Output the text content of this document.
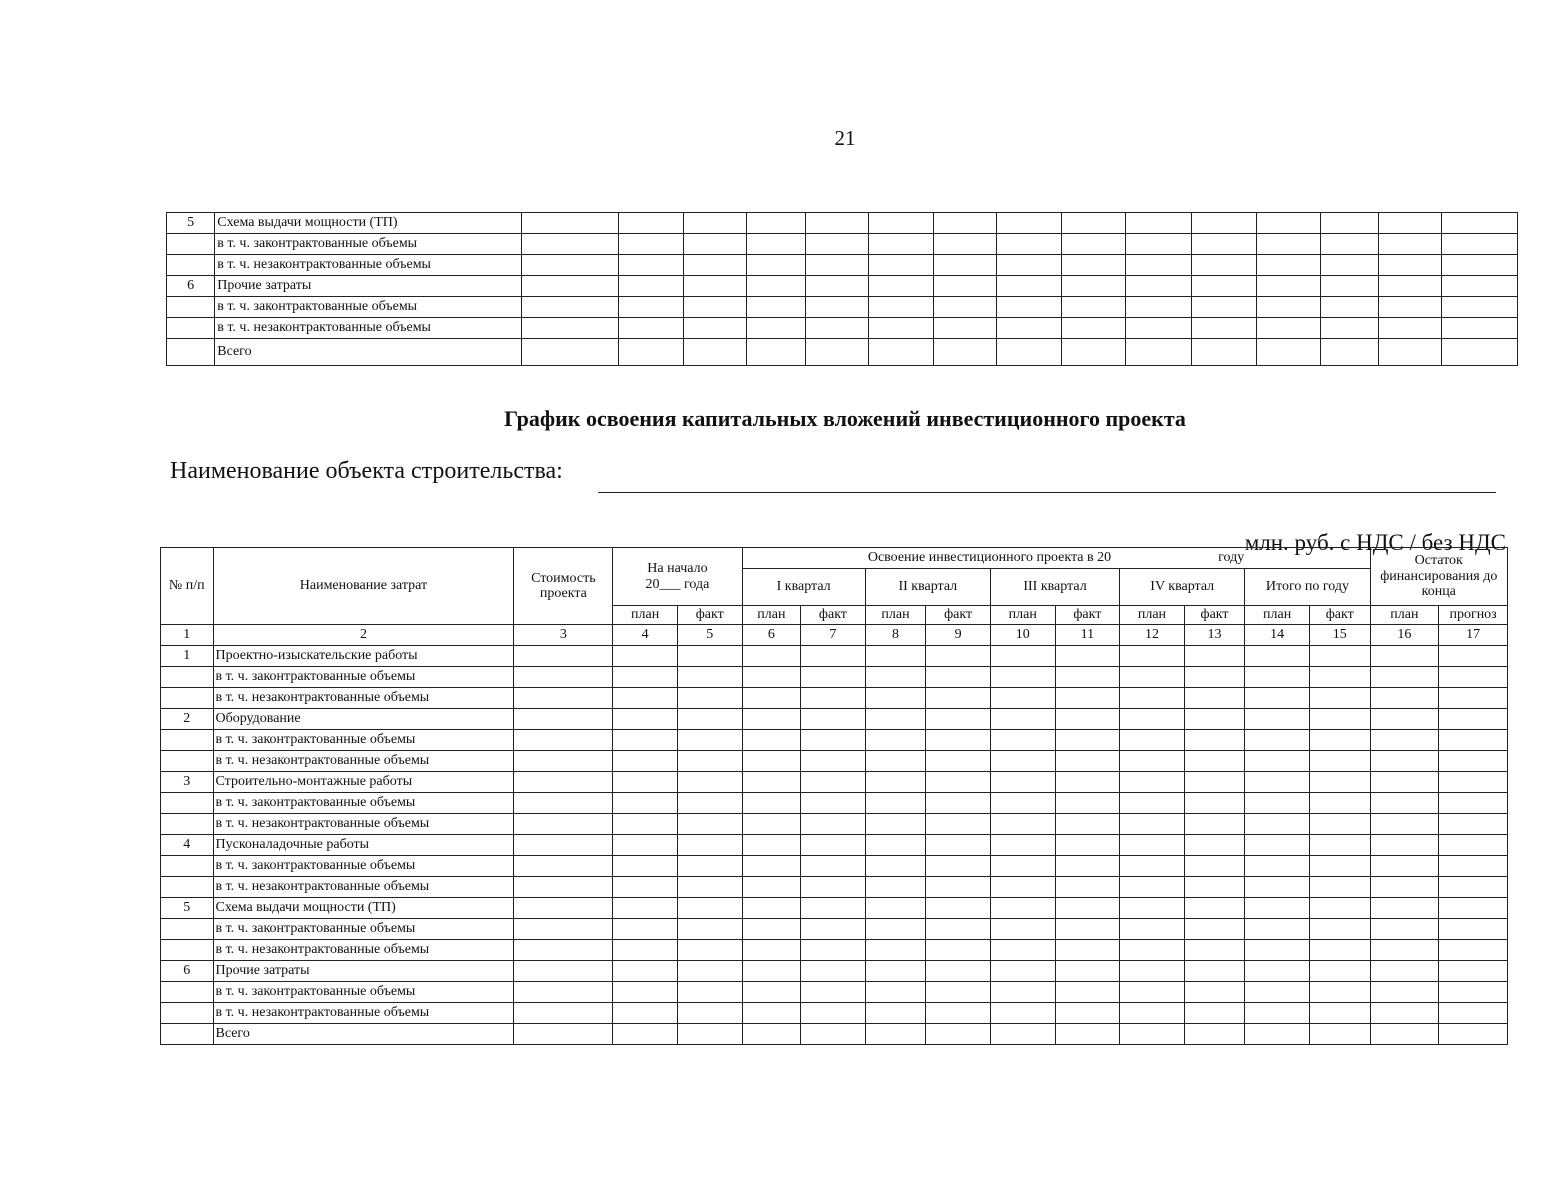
21
5	Схема выдачи мощности (ТП)															
	в т. ч. законтрактованные объемы															
	в т. ч. незаконтрактованные объемы															
6	Прочие затраты															
	в т. ч. законтрактованные объемы															
	в т. ч. незаконтрактованные объемы															
	Всего															
График освоения капитальных вложений инвестиционного проекта
Наименование объекта строительства:
млн. руб. с НДС / без НДС
№ п/п	Наименование затрат	Стоимость проекта	На начало
20___ года		Освоение инвестиционного проекта в 20 году										Остаток финансирования до конца	
					I квартал		II квартал		III квартал		IV квартал		Итого по году			
			план	факт	план	факт	план	факт	план	факт	план	факт	план	факт	план	прогноз
1	2	3	4	5	6	7	8	9	10	11	12	13	14	15	16	17
1	Проектно-изыскательские работы															
	в т. ч. законтрактованные объемы															
	в т. ч. незаконтрактованные объемы															
2	Оборудование															
	в т. ч. законтрактованные объемы															
	в т. ч. незаконтрактованные объемы															
3	Строительно-монтажные работы															
	в т. ч. законтрактованные объемы															
	в т. ч. незаконтрактованные объемы															
4	Пусконаладочные работы															
	в т. ч. законтрактованные объемы															
	в т. ч. незаконтрактованные объемы															
5	Схема выдачи мощности (ТП)															
	в т. ч. законтрактованные объемы															
	в т. ч. незаконтрактованные объемы															
6	Прочие затраты															
	в т. ч. законтрактованные объемы															
	в т. ч. незаконтрактованные объемы															
	Всего															
